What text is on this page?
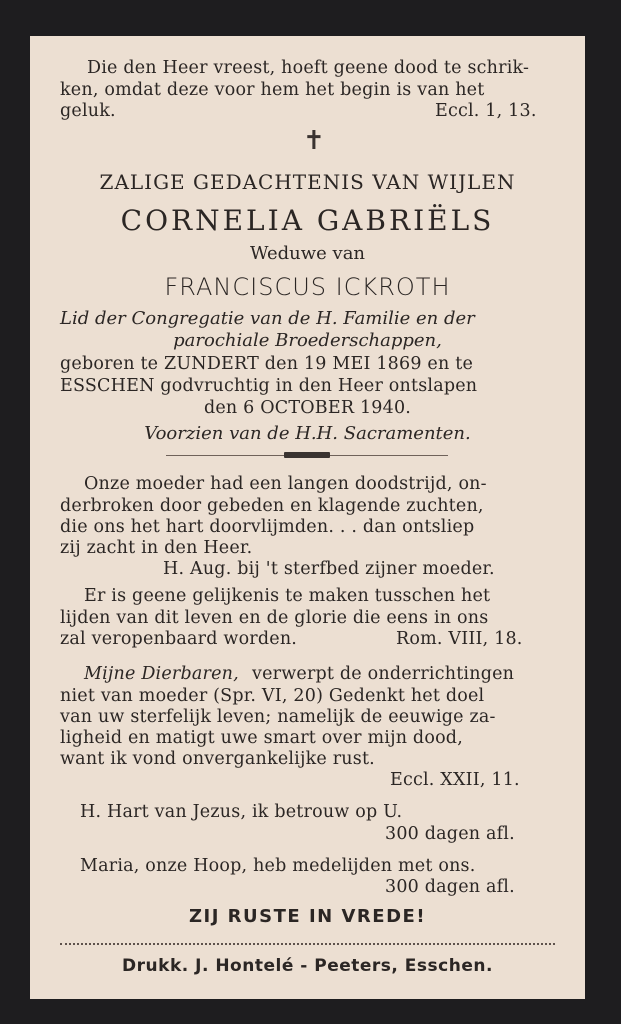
Die den Heer vreest, hoeft geene dood te schrik-
ken, omdat deze voor hem het begin is van het
geluk.	Eccl. 1, 13.
✝
ZALIGE GEDACHTENIS VAN WIJLEN
CORNELIA GABRIËLS
Weduwe van
FRANCISCUS ICKROTH
Lid der Congregatie van de H. Familie en der
parochiale Broederschappen,
geboren te ZUNDERT den 19 MEI 1869 en te
ESSCHEN godvruchtig in den Heer ontslapen
den 6 OCTOBER 1940.
Voorzien van de H.H. Sacramenten.
Onze moeder had een langen doodstrijd, on-
derbroken door gebeden en klagende zuchten,
die ons het hart doorvlijmden. . . dan ontsliep
zij zacht in den Heer.
H. Aug. bij 't sterfbed zijner moeder.
Er is geene gelijkenis te maken tusschen het
lijden van dit leven en de glorie die eens in ons
zal veropenbaard worden.	Rom. VIII, 18.
Mijne Dierbaren, verwerpt de onderrichtingen
niet van moeder (Spr. VI, 20) Gedenkt het doel
van uw sterfelijk leven; namelijk de eeuwige za-
ligheid en matigt uwe smart over mijn dood,
want ik vond onvergankelijke rust.
Eccl. XXII, 11.
H. Hart van Jezus, ik betrouw op U.
300 dagen afl.
Maria, onze Hoop, heb medelijden met ons.
300 dagen afl.
ZIJ RUSTE IN VREDE!
Drukk. J. Hontelé - Peeters, Esschen.
